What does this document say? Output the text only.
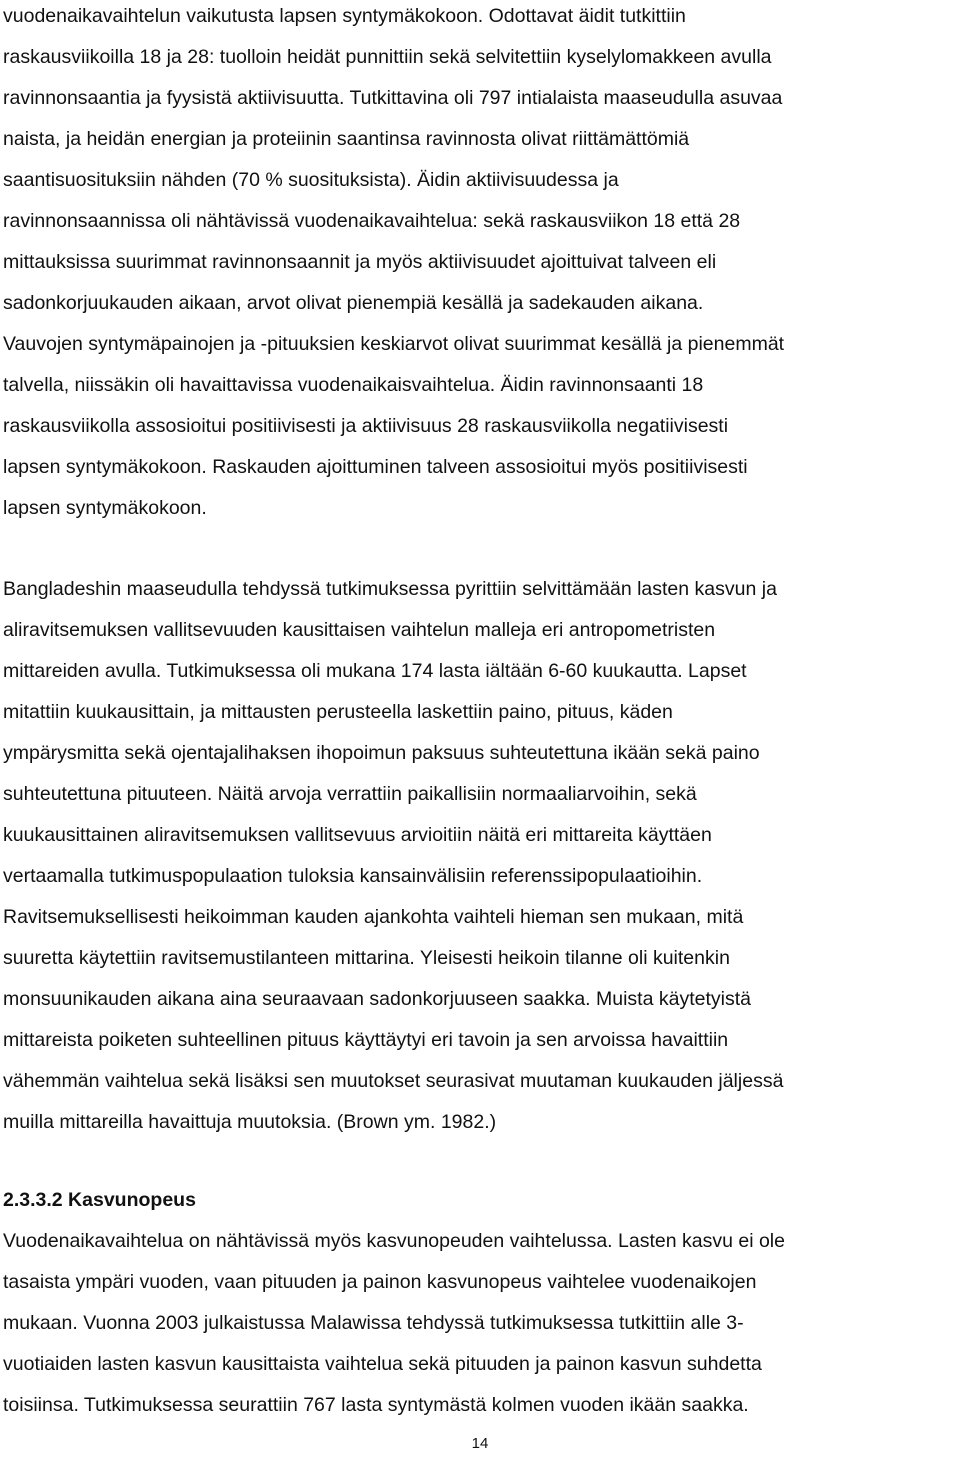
vuodenaikavaihtelun vaikutusta lapsen syntymäkokoon. Odottavat äidit tutkittiin
raskausviikoilla 18 ja 28: tuolloin heidät punnittiin sekä selvitettiin kyselylomakkeen avulla
ravinnonsaantia ja fyysistä aktiivisuutta. Tutkittavina oli 797 intialaista maaseudulla asuvaa
naista, ja heidän energian ja proteiinin saantinsa ravinnosta olivat riittämättömiä
saantisuosituksiin nähden (70 % suosituksista). Äidin aktiivisuudessa ja
ravinnonsaannissa oli nähtävissä vuodenaikavaihtelua: sekä raskausviikon 18 että 28
mittauksissa suurimmat ravinnonsaannit ja myös aktiivisuudet ajoittuivat talveen eli
sadonkorjuukauden aikaan, arvot olivat pienempiä kesällä ja sadekauden aikana.
Vauvojen syntymäpainojen ja -pituuksien keskiarvot olivat suurimmat kesällä ja pienemmät
talvella, niissäkin oli havaittavissa vuodenaikaisvaihtelua. Äidin ravinnonsaanti 18
raskausviikolla assosioitui positiivisesti ja aktiivisuus 28 raskausviikolla negatiivisesti
lapsen syntymäkokoon. Raskauden ajoittuminen talveen assosioitui myös positiivisesti
lapsen syntymäkokoon.
Bangladeshin maaseudulla tehdyssä tutkimuksessa pyrittiin selvittämään lasten kasvun ja
aliravitsemuksen vallitsevuuden kausittaisen vaihtelun malleja eri antropometristen
mittareiden avulla. Tutkimuksessa oli mukana 174 lasta iältään 6-60 kuukautta. Lapset
mitattiin kuukausittain, ja mittausten perusteella laskettiin paino, pituus, käden
ympärysmitta sekä ojentajalihaksen ihopoimun paksuus suhteutettuna ikään sekä paino
suhteutettuna pituuteen. Näitä arvoja verrattiin paikallisiin normaaliarvoihin, sekä
kuukausittainen aliravitsemuksen vallitsevuus arvioitiin näitä eri mittareita käyttäen
vertaamalla tutkimuspopulaation tuloksia kansainvälisiin referenssipopulaatioihin.
Ravitsemuksellisesti heikoimman kauden ajankohta vaihteli hieman sen mukaan, mitä
suuretta käytettiin ravitsemustilanteen mittarina. Yleisesti heikoin tilanne oli kuitenkin
monsuunikauden aikana aina seuraavaan sadonkorjuuseen saakka. Muista käytetyistä
mittareista poiketen suhteellinen pituus käyttäytyi eri tavoin ja sen arvoissa havaittiin
vähemmän vaihtelua sekä lisäksi sen muutokset seurasivat muutaman kuukauden jäljessä
muilla mittareilla havaittuja muutoksia. (Brown ym. 1982.)
2.3.3.2 Kasvunopeus
Vuodenaikavaihtelua on nähtävissä myös kasvunopeuden vaihtelussa. Lasten kasvu ei ole
tasaista ympäri vuoden, vaan pituuden ja painon kasvunopeus vaihtelee vuodenaikojen
mukaan. Vuonna 2003 julkaistussa Malawissa tehdyssä tutkimuksessa tutkittiin alle 3-
vuotiaiden lasten kasvun kausittaista vaihtelua sekä pituuden ja painon kasvun suhdetta
toisiinsa. Tutkimuksessa seurattiin 767 lasta syntymästä kolmen vuoden ikään saakka.
14
